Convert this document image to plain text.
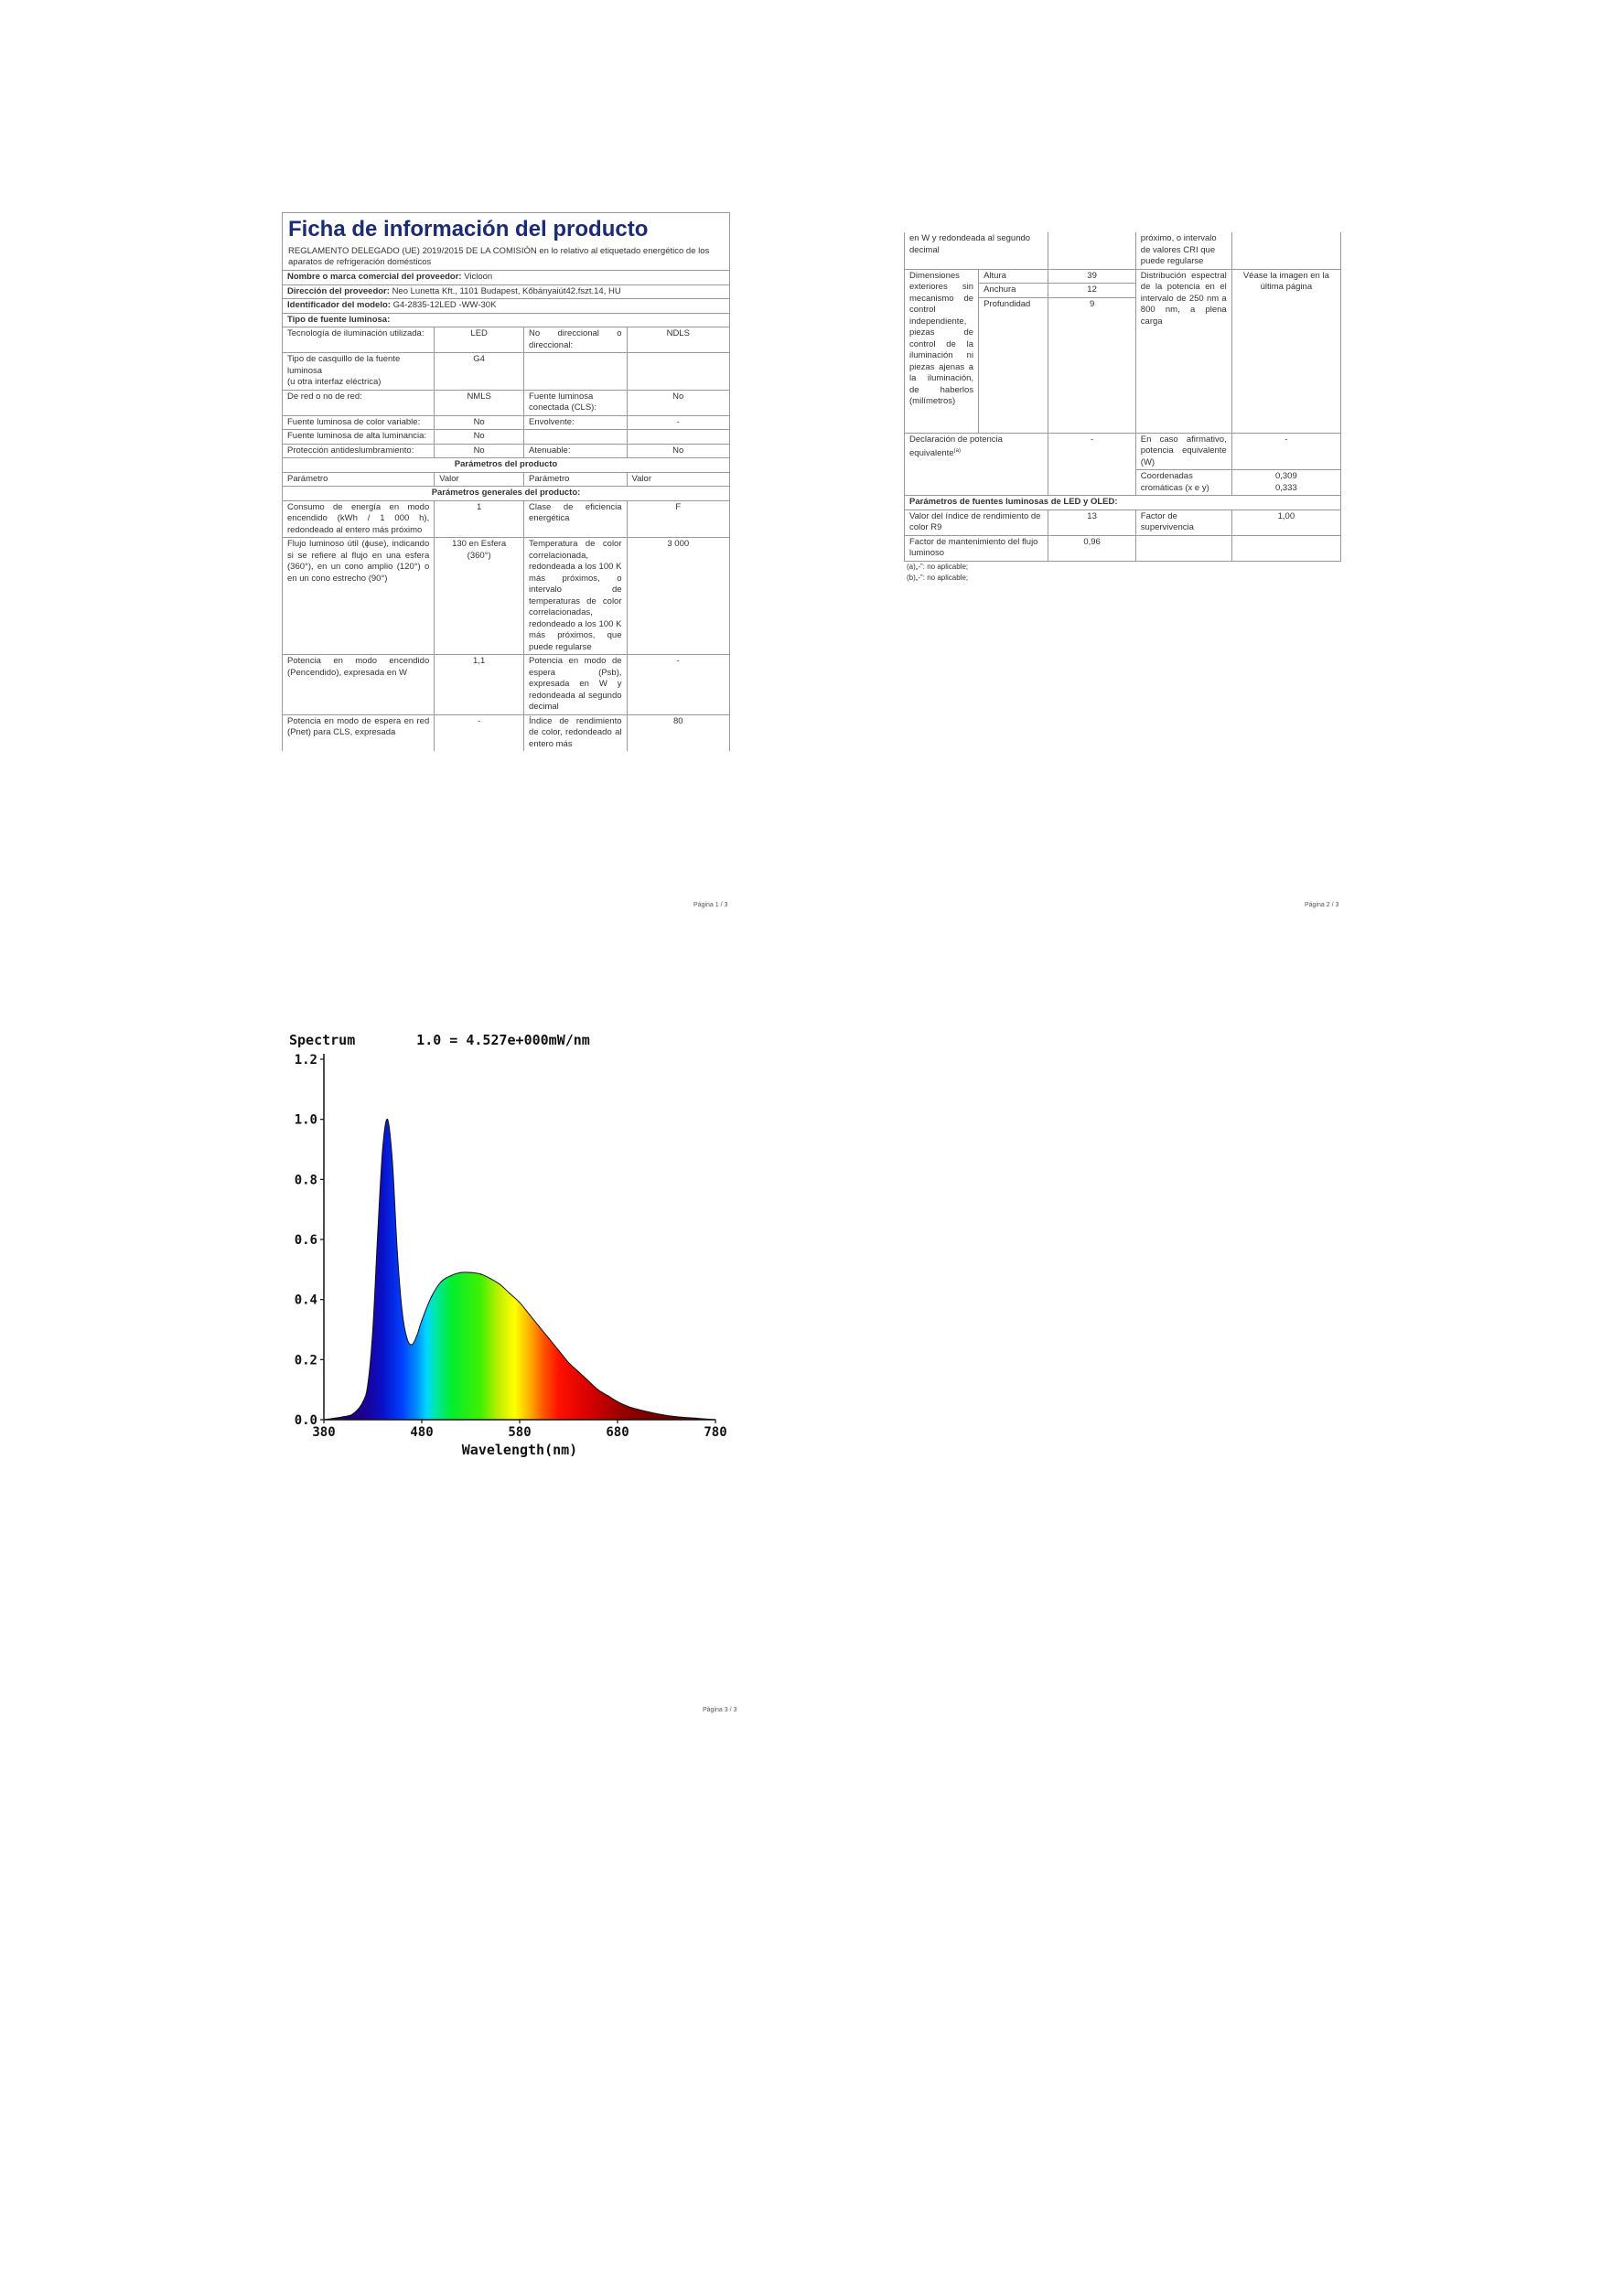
Ficha de información del producto
REGLAMENTO DELEGADO (UE) 2019/2015 DE LA COMISIÓN en lo relativo al etiquetado energético de los aparatos de refrigeración domésticos
Nombre o marca comercial del proveedor: Vicloon			
Dirección del proveedor: Neo Lunetta Kft., 1101 Budapest, Kőbányaiút42.fszt.14, HU			
Identificador del modelo: G4-2835-12LED -WW-30K			
Tipo de fuente luminosa:			
Tecnología de iluminación utilizada:	LED	No direccional o direccional:	NDLS
Tipo de casquillo de la fuente luminosa
(u otra interfaz eléctrica)	G4		
De red o no de red:	NMLS	Fuente luminosa conectada (CLS):	No
Fuente luminosa de color variable:	No	Envolvente:	-
Fuente luminosa de alta luminancia:	No		
Protección antideslumbramiento:	No	Atenuable:	No
Parámetros del producto			
Parámetro	Valor	Parámetro	Valor
Parámetros generales del producto:			
Consumo de energía en modo encendido (kWh / 1 000 h), redondeado al entero más próximo	1	Clase de eficiencia energética	F
Flujo luminoso útil (ɸuse), indicando si se refiere al flujo en una esfera (360°), en un cono amplio (120°) o en un cono estrecho (90°)	130 en Esfera (360°)	Temperatura de color correlacionada, redondeada a los 100 K más próximos, o intervalo de temperaturas de color correlacionadas, redondeado a los 100 K más próximos, que puede regularse	3 000
Potencia en modo encendido (Pencendido), expresada en W	1,1	Potencia en modo de espera (Psb), expresada en W y redondeada al segundo decimal	-
Potencia en modo de espera en red (Pnet) para CLS, expresada	-	Índice de rendimiento de color, redondeado al entero más	80
Página 1 / 3
en W y redondeada al segundo decimal			próximo, o intervalo de valores CRI que puede regularse	
Dimensiones exteriores sin mecanismo de control independiente, piezas de control de la iluminación ni piezas ajenas a la iluminación, de haberlos (milímetros)	Altura	39	Distribución espectral de la potencia en el intervalo de 250 nm a 800 nm, a plena carga	Véase la imagen en la última página
	Anchura	12		
	Profundidad	9		
Declaración de potencia equivalente$^{(a)}$		-	En caso afirmativo, potencia equivalente (W)	-
			Coordenadas cromáticas (x e y)	0,309
0,333
Parámetros de fuentes luminosas de LED y OLED:				
Valor del índice de rendimiento de color R9		13	Factor de supervivencia	1,00
Factor de mantenimiento del flujo luminoso		0,96		
(a)„-‟: no aplicable;
(b)„-‟: no aplicable;
Página 2 / 3
0.0
0.2
0.4
0.6
0.8
1.0
1.2
380	480	580	680	780
Spectrum	1.0 = 4.527e+000mW/nm
Wavelength(nm)
Página 3 / 3
